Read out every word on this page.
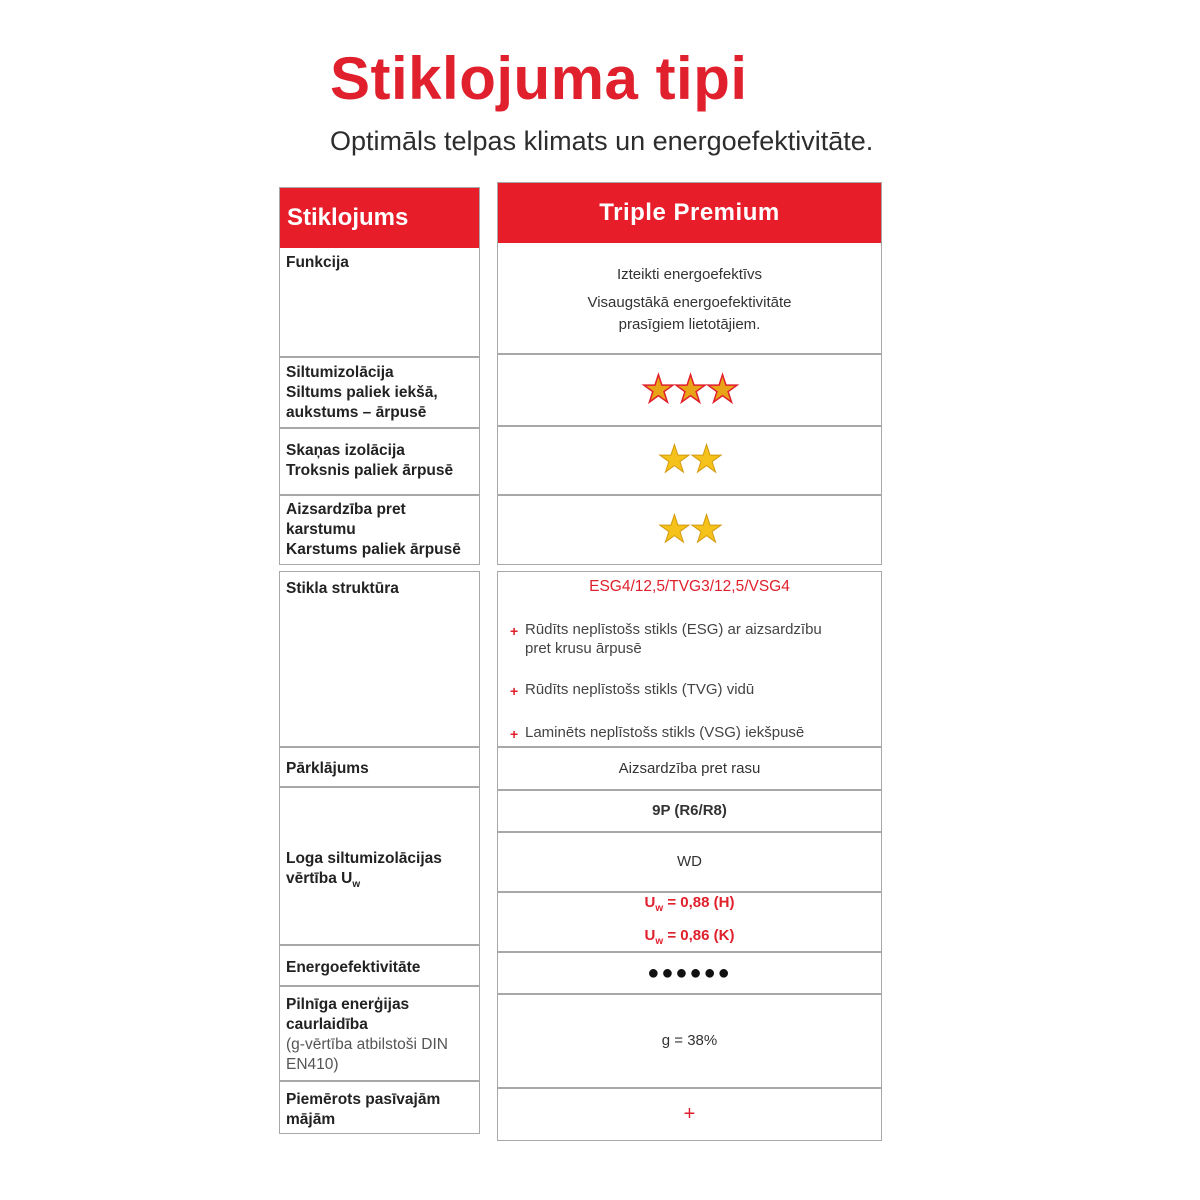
Stiklojuma tipi

Optimāls telpas klimats un energoefektivitāte.

Stiklojums
Funkcija
Siltumizolācija
Siltums paliek iekšā,
aukstums – ārpusē
Skaņas izolācija
Troksnis paliek ārpusē
Aizsardzība pret
karstumu
Karstums paliek ārpusē
Triple Premium
Izteikti energoefektīvs
Visaugstākā energoefektivitāte
prasīgiem lietotājiem.
★★★
★★
★★
Stikla struktūra
Pārklājums
Loga siltumizolācijas
vērtība $U_w$
Energoefektivitāte
Pilnīga enerģijas
caurlaidība
(g-vērtība atbilstoši DIN
EN410)
Piemērots pasīvajām
mājām
ESG4/12,5/TVG3/12,5/VSG4
+ Rūdīts neplīstošs stikls (ESG) ar aizsardzību
pret krusu ārpusē
+ Rūdīts neplīstošs stikls (TVG) vidū
+ Laminēts neplīstošs stikls (VSG) iekšpusē
Aizsardzība pret rasu
9P (R6/R8)
WD
$U_w = 0,88$ (H)
$U_w = 0,86$ (K)
●●●●●●
g = 38%
+
